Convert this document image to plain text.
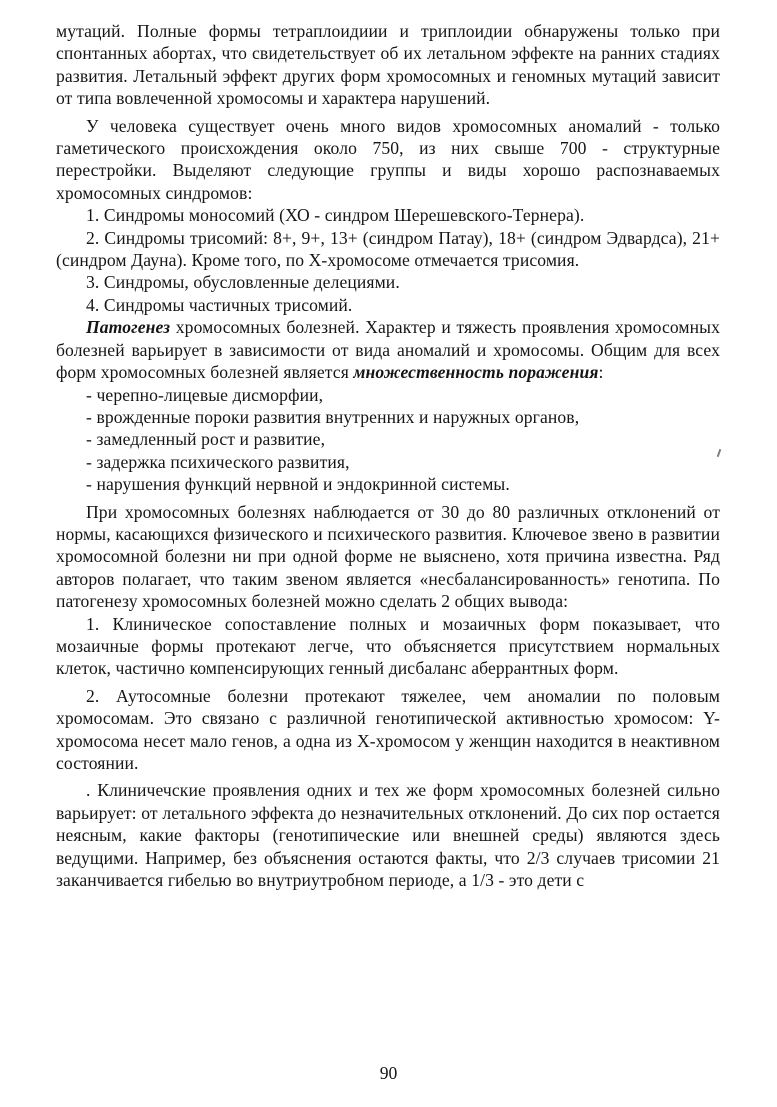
мутаций. Полные формы тетраплоидиии и триплоидии обнаружены только при спонтанных абортах, что свидетельствует об их летальном эффекте на ранних стадиях развития. Летальный эффект других форм хромосомных и геномных мутаций зависит от типа вовлеченной хромосомы и характера нарушений.

У человека существует очень много видов хромосомных аномалий - только гаметического происхождения около 750, из них свыше 700 - структурные перестройки. Выделяют следующие группы и виды хорошо распознаваемых хромосомных синдромов:

1. Синдромы моносомий (ХО - синдром Шерешевского-Тернера).

2. Синдромы трисомий: 8+, 9+, 13+ (синдром Патау), 18+ (синдром Эдвардса), 21+ (синдром Дауна). Кроме того, по X-хромосоме отмечается трисомия.

3. Синдромы, обусловленные делециями.

4. Синдромы частичных трисомий.

Патогенез хромосомных болезней. Характер и тяжесть проявления хромосомных болезней варьирует в зависимости от вида аномалий и хромосомы. Общим для всех форм хромосомных болезней является множественность поражения:

- черепно-лицевые дисморфии,

- врожденные пороки развития внутренних и наружных органов,

- замедленный рост и развитие,

- задержка психического развития,

- нарушения функций нервной и эндокринной системы.

При хромосомных болезнях наблюдается от 30 до 80 различных отклонений от нормы, касающихся физического и психического развития. Ключевое звено в развитии хромосомной болезни ни при одной форме не выяснено, хотя причина известна. Ряд авторов полагает, что таким звеном является «несбалансированность» генотипа. По патогенезу хромосомных болезней можно сделать 2 общих вывода:

1. Клиническое сопоставление полных и мозаичных форм показывает, что мозаичные формы протекают легче, что объясняется присутствием нормальных клеток, частично компенсирующих генный дисбаланс аберрантных форм.

2. Аутосомные болезни протекают тяжелее, чем аномалии по половым хромосомам. Это связано с различной генотипической активностью хромосом: Y-хромосома несет мало генов, а одна из X-хромосом у женщин находится в неактивном состоянии.

. Клиничечские проявления одних и тех же форм хромосомных болезней сильно варьирует: от летального эффекта до незначительных отклонений. До сих пор остается неясным, какие факторы (генотипические или внешней среды) являются здесь ведущими. Например, без объяснения остаются факты, что 2/3 случаев трисомии 21 заканчивается гибелью во внутриутробном периоде, а 1/3 - это дети с

90
